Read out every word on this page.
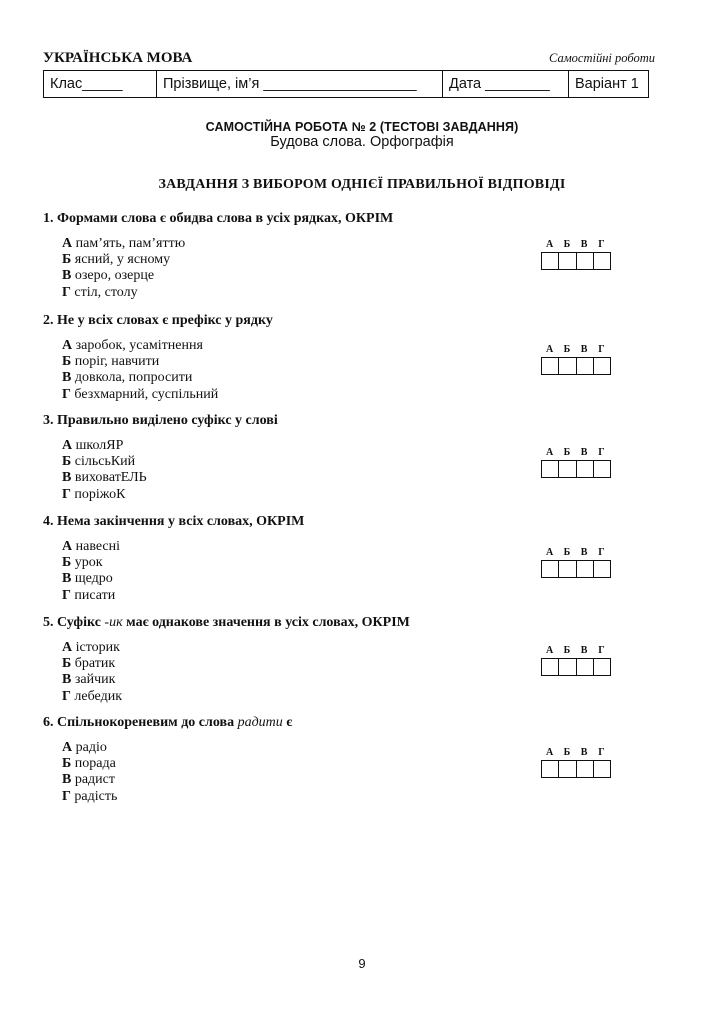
УКРАЇНСЬКА МОВА	Самостійні роботи
Клас_____	Прізвище, ім’я ___________________	Дата ________	Варіант 1
САМОСТІЙНА РОБОТА № 2 (ТЕСТОВІ ЗАВДАННЯ)
Будова слова. Орфографія
ЗАВДАННЯ З ВИБОРОМ ОДНІЄЇ ПРАВИЛЬНОЇ ВІДПОВІДІ
1. Формами слова є обидва слова в усіх рядках, ОКРІМ
А пам’ять, пам’яттю
Б ясний, у ясному
В озеро, озерце
Г стіл, столу
А	Б	В	Г
2. Не у всіх словах є префікс у рядку
А заробок, усамітнення
Б поріг, навчити
В довкола, попросити
Г безхмарний, суспільний
А	Б	В	Г
3. Правильно виділено суфікс у слові
А школЯР
Б сільсьКий
В виховатЕЛЬ
Г поріжоК
А	Б	В	Г
4. Нема закінчення у всіх словах, ОКРІМ
А навесні
Б урок
В щедро
Г писати
А	Б	В	Г
5. Суфікс -ик має однакове значення в усіх словах, ОКРІМ
А історик
Б братик
В зайчик
Г лебедик
А	Б	В	Г
6. Спільнокореневим до слова радити є
А радіо
Б порада
В радист
Г радість
А	Б	В	Г
9
